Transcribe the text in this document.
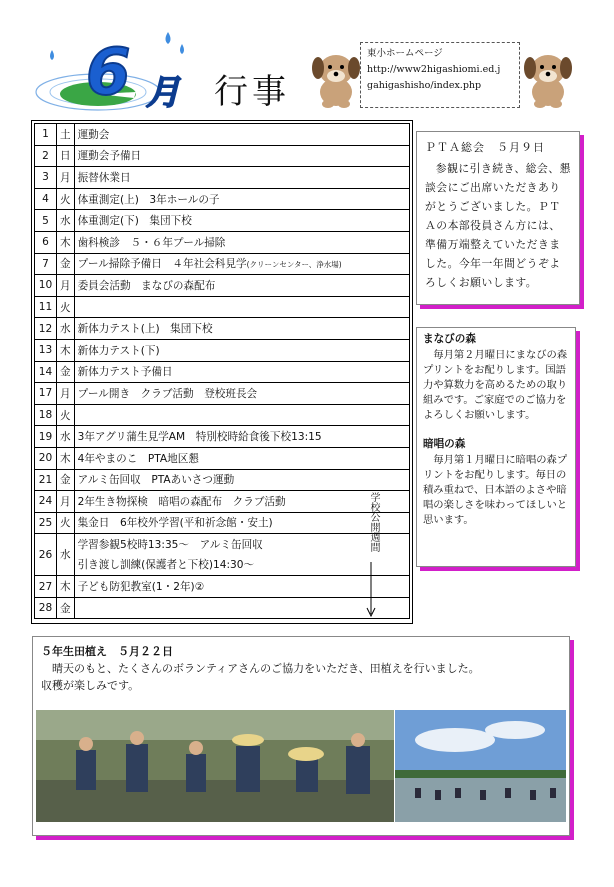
6 月 行事
東小ホームページ
http://www2higashiomi.ed.j
gahigashisho/index.php
1	土	運動会
2	日	運動会予備日
3	月	振替休業日
4	火	体重測定(上)　3年ホールの子
5	水	体重測定(下)　集団下校
6	木	歯科検診　５・６年プール掃除
7	金	プール掃除予備日　４年社会科見学(クリーンセンター、浄水場)
10	月	委員会活動　まなびの森配布
11	火	
12	水	新体力テスト(上)　集団下校
13	木	新体力テスト(下)
14	金	新体力テスト予備日
17	月	プール開き　クラブ活動　登校班長会
18	火	
19	水	3年アグリ蒲生見学AM　特別校時給食後下校13:15
20	木	4年やまのこ　PTA地区懇
21	金	アルミ缶回収　PTAあいさつ運動
24	月	2年生き物探検　暗唱の森配布　クラブ活動
25	火	集金日　6年校外学習(平和祈念館・安土)
26	水	学習参観5校時13:35～　アルミ缶回収
引き渡し訓練(保護者と下校)14:30～

27	木	子ども防犯教室(1・2年)②
28	金	
学校公開週間
ＰＴＡ総会　５月９日
参観に引き続き、総会、懇談会にご出席いただきありがとうございました。ＰＴＡの本部役員さん方には、準備万端整えていただきました。今年一年間どうぞよろしくお願いします。
まなびの森
毎月第２月曜日にまなびの森プリントをお配りします。国語力や算数力を高めるための取り組みです。ご家庭でのご協力をよろしくお願いします。
暗唱の森
毎月第１月曜日に暗唱の森プリントをお配りします。毎日の積み重ねで、日本語のよさや暗唱の楽しさを味わってほしいと思います。
５年生田植え　５月２２日
晴天のもと、たくさんのボランティアさんのご協力をいただき、田植えを行いました。
収穫が楽しみです。
